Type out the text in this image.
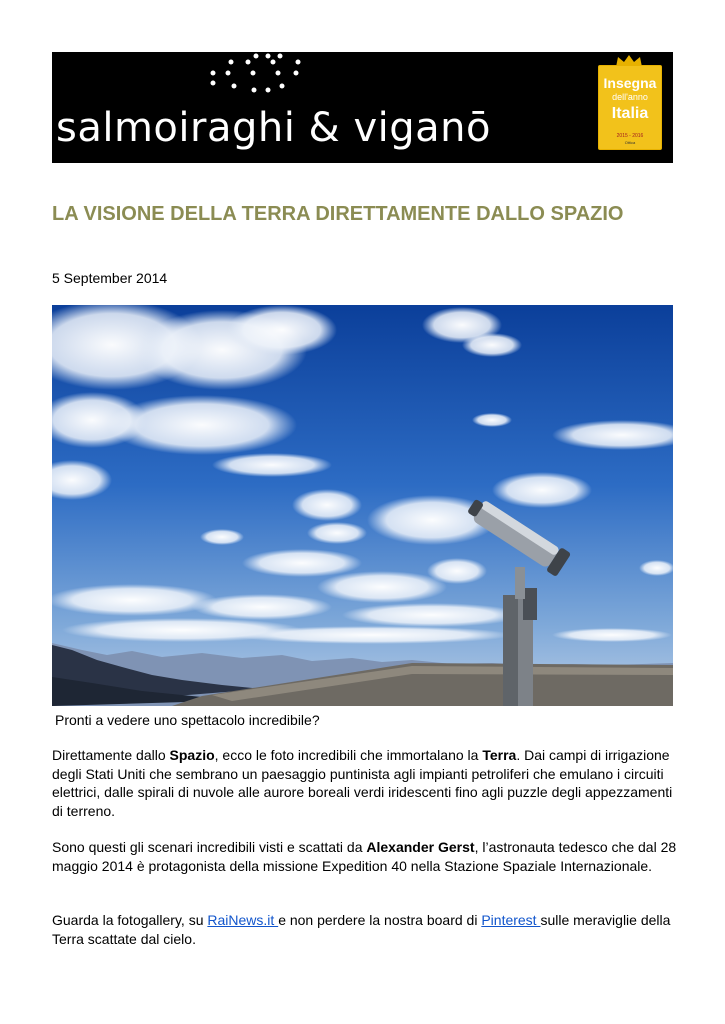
salmoiraghi & viganō
Insegna
dell'anno
Italia
2015 - 2016
Ottica
LA VISIONE DELLA TERRA DIRETTAMENTE DALLO SPAZIO
5 September 2014
Pronti a vedere uno spettacolo incredibile?

Direttamente dallo Spazio, ecco le foto incredibili che immortalano la Terra. Dai campi di irrigazione degli Stati Uniti che sembrano un paesaggio puntinista agli impianti petroliferi che emulano i circuiti elettrici, dalle spirali di nuvole alle aurore boreali verdi iridescenti fino agli puzzle degli appezzamenti di terreno.

Sono questi gli scenari incredibili visti e scattati da Alexander Gerst, l’astronauta tedesco che dal 28 maggio 2014 è protagonista della missione Expedition 40 nella Stazione Spaziale Internazionale.

Guarda la fotogallery, su RaiNews.it e non perdere la nostra board di Pinterest sulle meraviglie della Terra scattate dal cielo.
